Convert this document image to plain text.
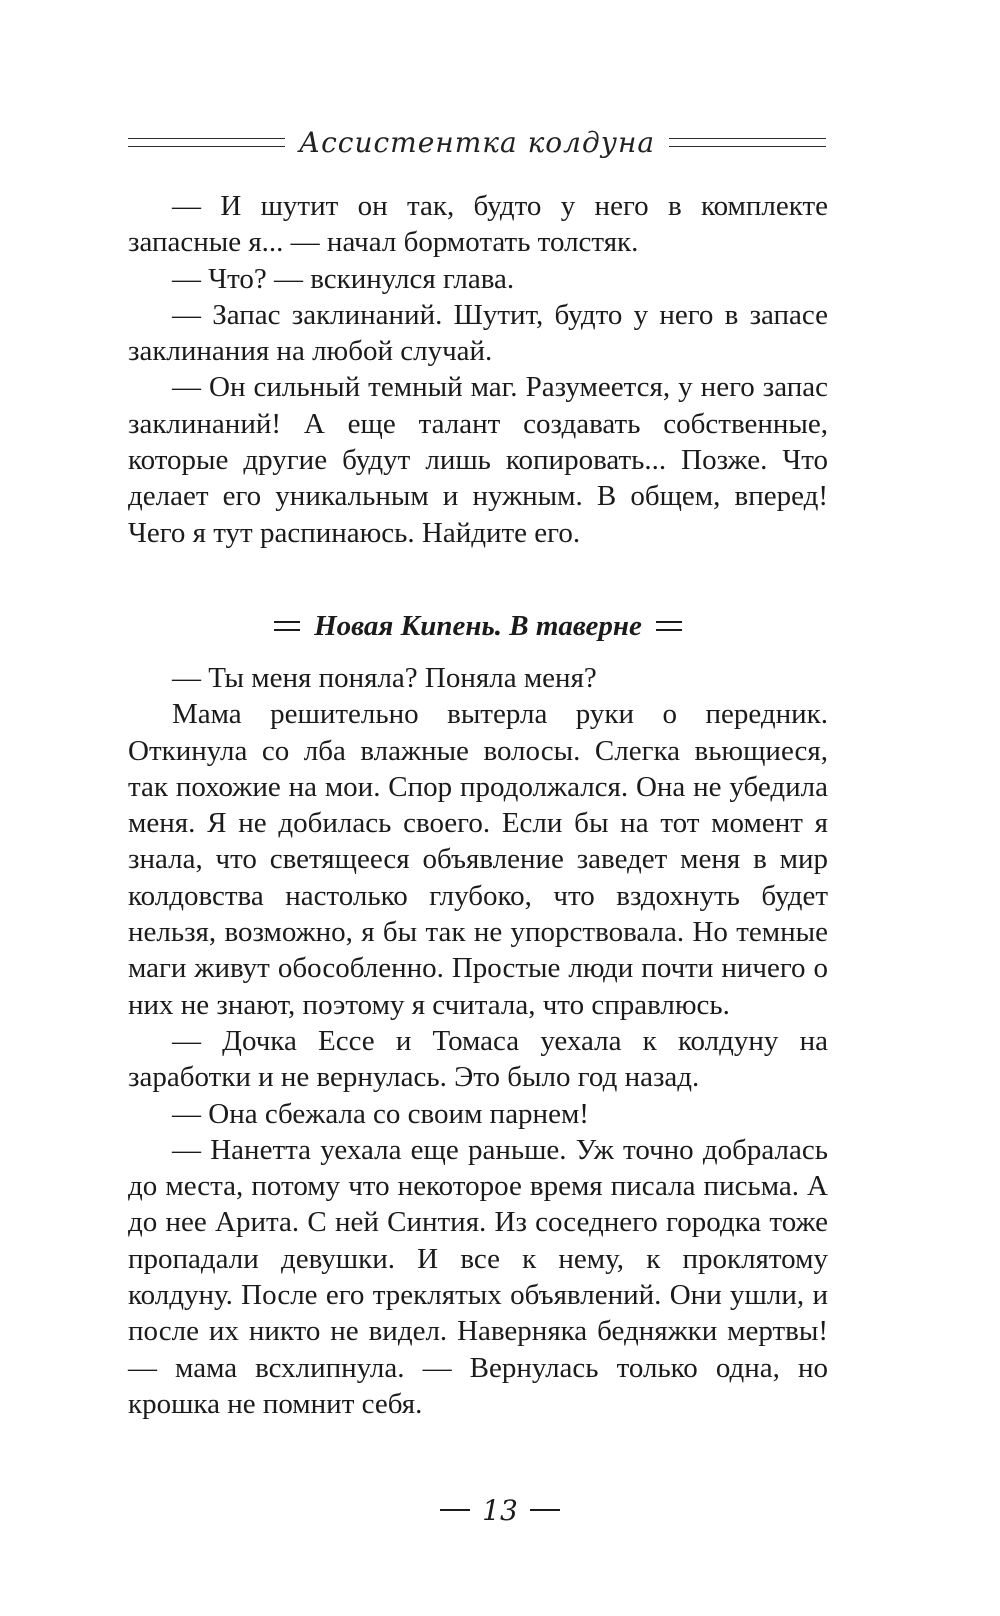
Ассистентка колдуна

— И шутит он так, будто у него в комплекте запасные я... — начал бормотать толстяк.

— Что? — вскинулся глава.

— Запас заклинаний. Шутит, будто у него в запасе заклинания на любой случай.

— Он сильный темный маг. Разумеется, у него запас заклинаний! А еще талант создавать собственные, которые другие будут лишь копировать... Позже. Что делает его уникальным и нужным. В общем, вперед! Чего я тут распинаюсь. Найдите его.

Новая Кипень. В таверне

— Ты меня поняла? Поняла меня?

Мама решительно вытерла руки о передник. Откинула со лба влажные волосы. Слегка вьющиеся, так похожие на мои. Спор продолжался. Она не убедила меня. Я не добилась своего. Если бы на тот момент я знала, что светящееся объявление заведет меня в мир колдовства настолько глубоко, что вздохнуть будет нельзя, возможно, я бы так не упорствовала. Но темные маги живут обособленно. Простые люди почти ничего о них не знают, поэтому я считала, что справлюсь.

— Дочка Ессе и Томаса уехала к колдуну на заработки и не вернулась. Это было год назад.

— Она сбежала со своим парнем!

— Нанетта уехала еще раньше. Уж точно добралась до места, потому что некоторое время писала письма. А до нее Арита. С ней Синтия. Из соседнего городка тоже пропадали девушки. И все к нему, к проклятому колдуну. После его треклятых объявлений. Они ушли, и после их никто не видел. Наверняка бедняжки мертвы! — мама всхлипнула. — Вернулась только одна, но крошка не помнит себя.

13
